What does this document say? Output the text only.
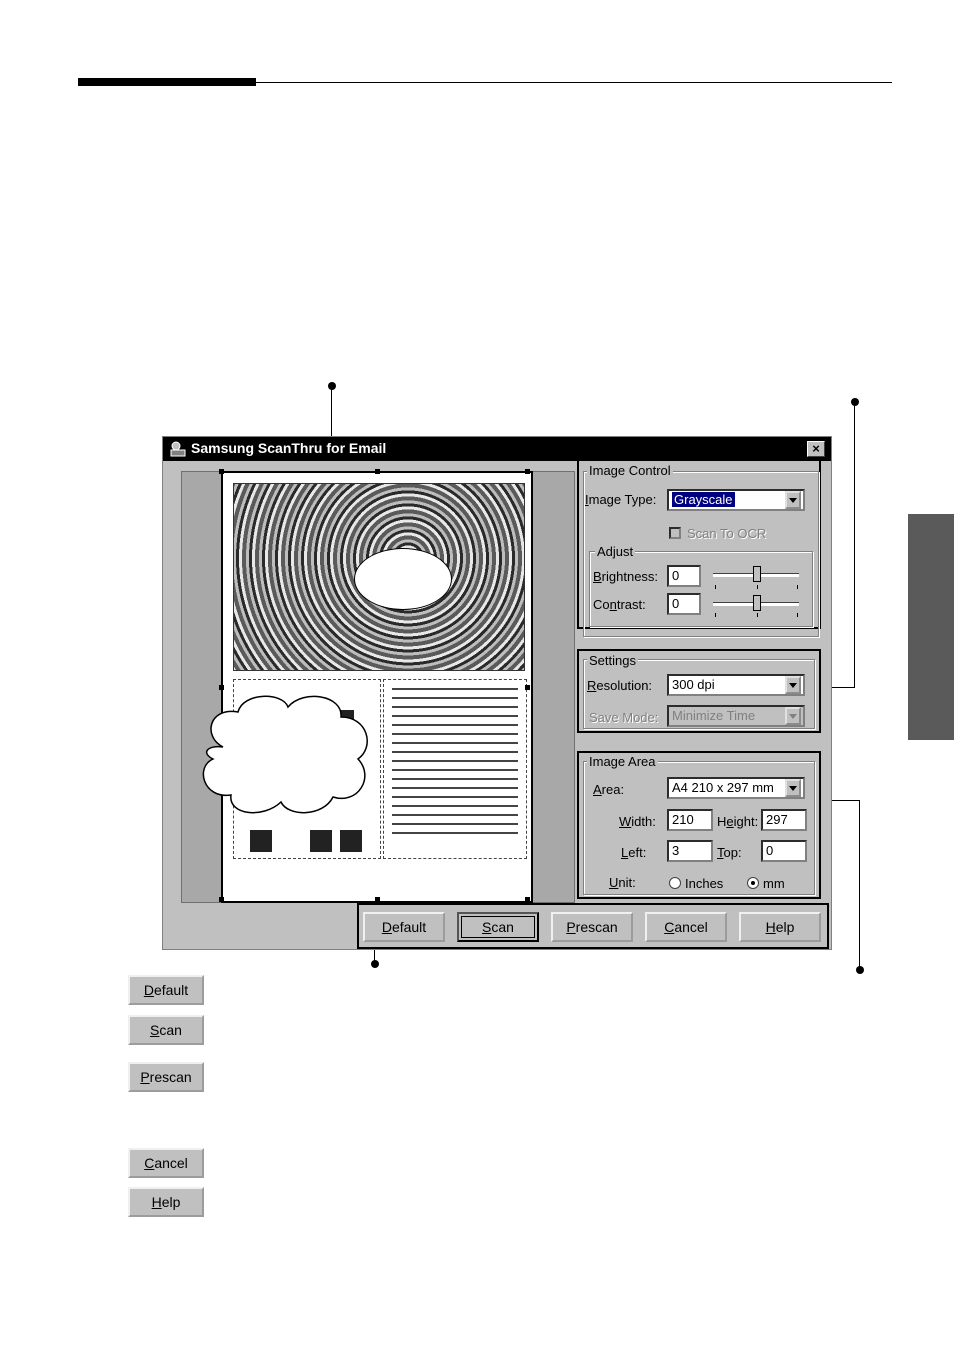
Samsung ScanThru for Email	×
Image Control
Image Type:	Grayscale
Scan To OCR
Adjust
Brightness:	0
Contrast:	0
Settings
Resolution:	300 dpi
Save Mode:	Minimize Time
Image Area
Area:	A4 210 x 297 mm
Width:	210	Height: 297
Left:	3	Top:	0
Unit:	Inches	mm
Default	Scan	Prescan	Cancel	Help
Default
Scan
Prescan
Cancel
Help
